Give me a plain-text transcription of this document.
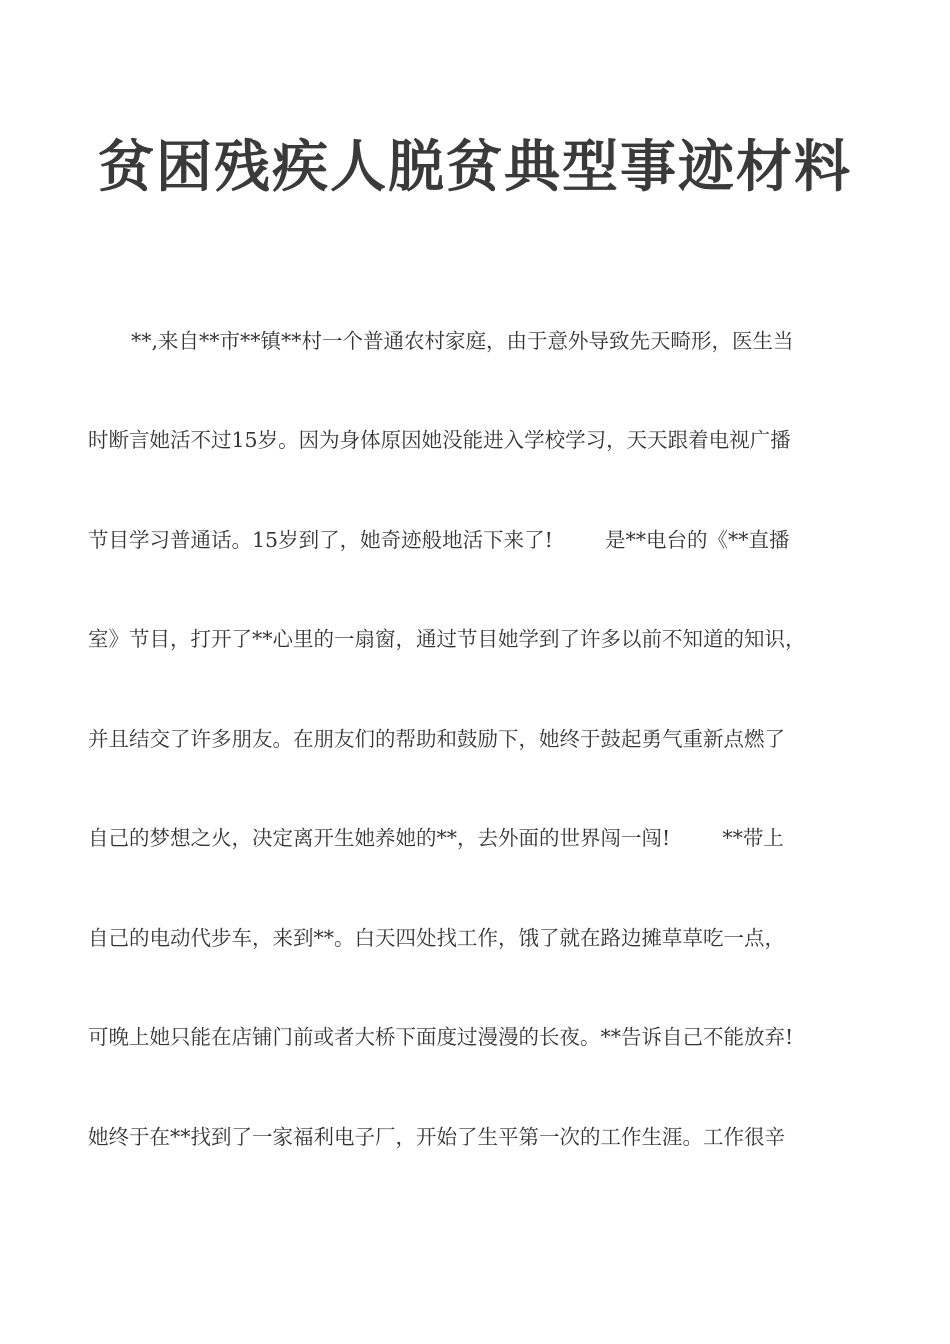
贫困残疾人脱贫典型事迹材料

**,来自**市**镇**村一个普通农村家庭，由于意外导致先天畸形，医生当

时断言她活不过15岁。因为身体原因她没能进入学校学习，天天跟着电视广播

节目学习普通话。15岁到了，她奇迹般地活下来了!        是**电台的《**直播

室》节目，打开了**心里的一扇窗，通过节目她学到了许多以前不知道的知识，

并且结交了许多朋友。在朋友们的帮助和鼓励下，她终于鼓起勇气重新点燃了

自己的梦想之火，决定离开生她养她的**，去外面的世界闯一闯!        **带上

自己的电动代步车，来到**。白天四处找工作，饿了就在路边摊草草吃一点，

可晚上她只能在店铺门前或者大桥下面度过漫漫的长夜。**告诉自己不能放弃!

她终于在**找到了一家福利电子厂，开始了生平第一次的工作生涯。工作很辛
